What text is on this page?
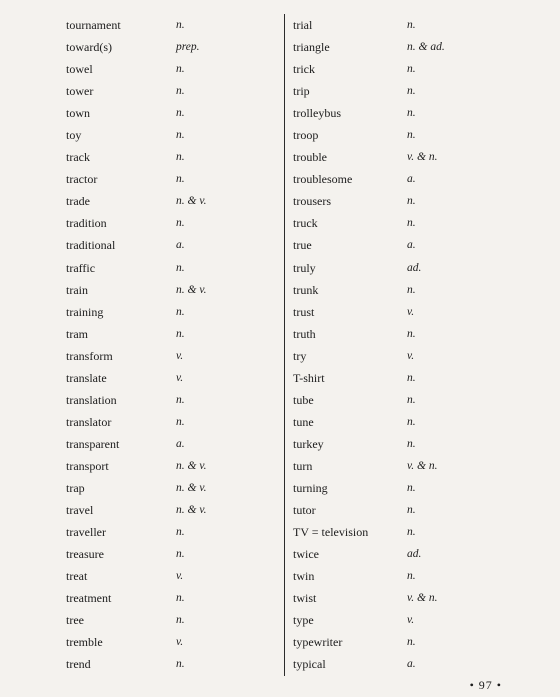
tournament	n.
toward(s)	prep.
towel	n.
tower	n.
town	n.
toy	n.
track	n.
tractor	n.
trade	n. & v.
tradition	n.
traditional	a.
traffic	n.
train	n. & v.
training	n.
tram	n.
transform	v.
translate	v.
translation	n.
translator	n.
transparent	a.
transport	n. & v.
trap	n. & v.
travel	n. & v.
traveller	n.
treasure	n.
treat	v.
treatment	n.
tree	n.
tremble	v.
trend	n.
trial	n.
triangle	n. & ad.
trick	n.
trip	n.
trolleybus	n.
troop	n.
trouble	v. & n.
troublesome	a.
trousers	n.
truck	n.
true	a.
truly	ad.
trunk	n.
trust	v.
truth	n.
try	v.
T-shirt	n.
tube	n.
tune	n.
turkey	n.
turn	v. & n.
turning	n.
tutor	n.
TV = television	n.
twice	ad.
twin	n.
twist	v. & n.
type	v.
typewriter	n.
typical	a.
• 97 •
